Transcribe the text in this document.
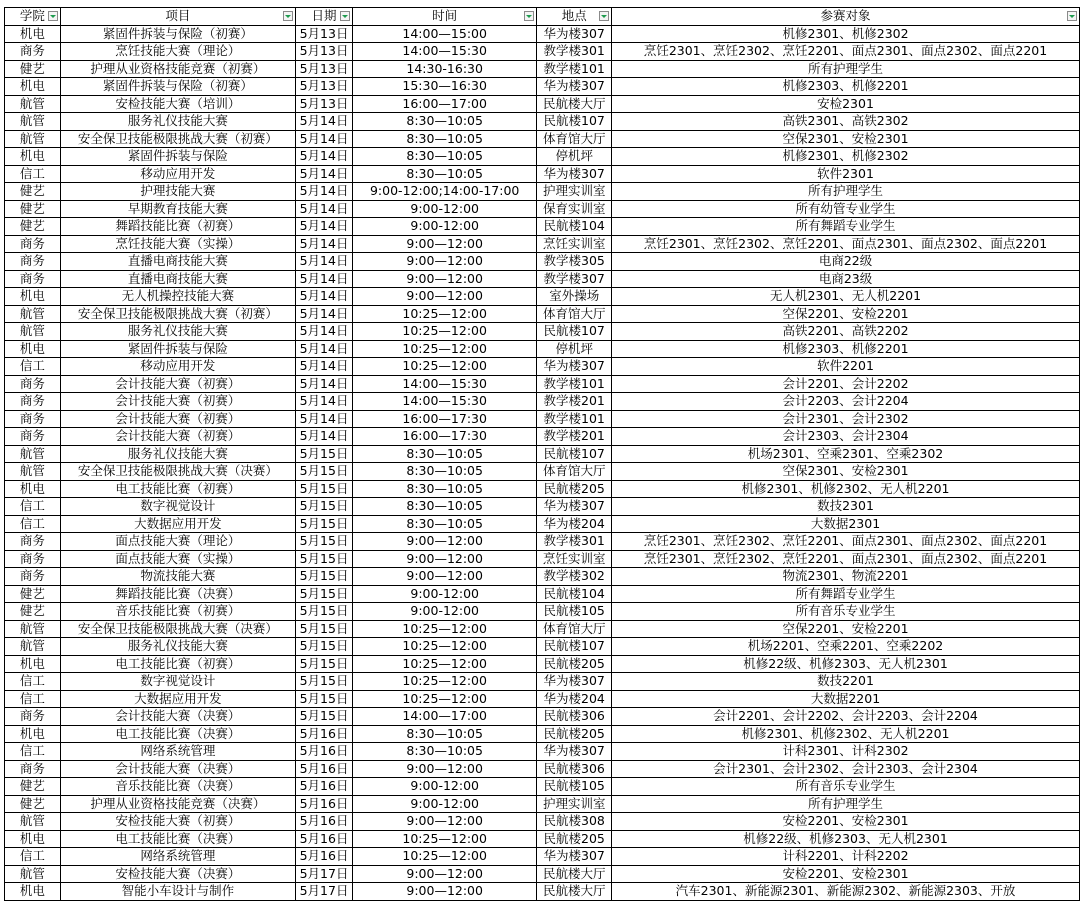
学院	项目	日期	时间	地点	参赛对象

机电	紧固件拆装与保险（初赛）	5月13日	14:00—15:00	华为楼307	机修2301、机修2302
商务	烹饪技能大赛（理论）	5月13日	14:00—15:30	教学楼301	烹饪2301、烹饪2302、烹饪2201、面点2301、面点2302、面点2201
健艺	护理从业资格技能竞赛（初赛）	5月13日	14:30-16:30	教学楼101	所有护理学生
机电	紧固件拆装与保险（初赛）	5月13日	15:30—16:30	华为楼307	机修2303、机修2201
航管	安检技能大赛（培训）	5月13日	16:00—17:00	民航楼大厅	安检2301
航管	服务礼仪技能大赛	5月14日	8:30—10:05	民航楼107	高铁2301、高铁2302
航管	安全保卫技能极限挑战大赛（初赛）	5月14日	8:30—10:05	体育馆大厅	空保2301、安检2301
机电	紧固件拆装与保险	5月14日	8:30—10:05	停机坪	机修2301、机修2302
信工	移动应用开发	5月14日	8:30—10:05	华为楼307	软件2301
健艺	护理技能大赛	5月14日	9:00-12:00;14:00-17:00	护理实训室	所有护理学生
健艺	早期教育技能大赛	5月14日	9:00-12:00	保育实训室	所有幼管专业学生
健艺	舞蹈技能比赛（初赛）	5月14日	9:00-12:00	民航楼104	所有舞蹈专业学生
商务	烹饪技能大赛（实操）	5月14日	9:00—12:00	烹饪实训室	烹饪2301、烹饪2302、烹饪2201、面点2301、面点2302、面点2201
商务	直播电商技能大赛	5月14日	9:00—12:00	教学楼305	电商22级
商务	直播电商技能大赛	5月14日	9:00—12:00	教学楼307	电商23级
机电	无人机操控技能大赛	5月14日	9:00—12:00	室外操场	无人机2301、无人机2201
航管	安全保卫技能极限挑战大赛（初赛）	5月14日	10:25—12:00	体育馆大厅	空保2201、安检2201
航管	服务礼仪技能大赛	5月14日	10:25—12:00	民航楼107	高铁2201、高铁2202
机电	紧固件拆装与保险	5月14日	10:25—12:00	停机坪	机修2303、机修2201
信工	移动应用开发	5月14日	10:25—12:00	华为楼307	软件2201
商务	会计技能大赛（初赛）	5月14日	14:00—15:30	教学楼101	会计2201、会计2202
商务	会计技能大赛（初赛）	5月14日	14:00—15:30	教学楼201	会计2203、会计2204
商务	会计技能大赛（初赛）	5月14日	16:00—17:30	教学楼101	会计2301、会计2302
商务	会计技能大赛（初赛）	5月14日	16:00—17:30	教学楼201	会计2303、会计2304
航管	服务礼仪技能大赛	5月15日	8:30—10:05	民航楼107	机场2301、空乘2301、空乘2302
航管	安全保卫技能极限挑战大赛（决赛）	5月15日	8:30—10:05	体育馆大厅	空保2301、安检2301
机电	电工技能比赛（初赛）	5月15日	8:30—10:05	民航楼205	机修2301、机修2302、无人机2201
信工	数字视觉设计	5月15日	8:30—10:05	华为楼307	数技2301
信工	大数据应用开发	5月15日	8:30—10:05	华为楼204	大数据2301
商务	面点技能大赛（理论）	5月15日	9:00—12:00	教学楼301	烹饪2301、烹饪2302、烹饪2201、面点2301、面点2302、面点2201
商务	面点技能大赛（实操）	5月15日	9:00—12:00	烹饪实训室	烹饪2301、烹饪2302、烹饪2201、面点2301、面点2302、面点2201
商务	物流技能大赛	5月15日	9:00—12:00	教学楼302	物流2301、物流2201
健艺	舞蹈技能比赛（决赛）	5月15日	9:00-12:00	民航楼104	所有舞蹈专业学生
健艺	音乐技能比赛（初赛）	5月15日	9:00-12:00	民航楼105	所有音乐专业学生
航管	安全保卫技能极限挑战大赛（决赛）	5月15日	10:25—12:00	体育馆大厅	空保2201、安检2201
航管	服务礼仪技能大赛	5月15日	10:25—12:00	民航楼107	机场2201、空乘2201、空乘2202
机电	电工技能比赛（初赛）	5月15日	10:25—12:00	民航楼205	机修22级、机修2303、无人机2301
信工	数字视觉设计	5月15日	10:25—12:00	华为楼307	数技2201
信工	大数据应用开发	5月15日	10:25—12:00	华为楼204	大数据2201
商务	会计技能大赛（决赛）	5月15日	14:00—17:00	民航楼306	会计2201、会计2202、会计2203、会计2204
机电	电工技能比赛（决赛）	5月16日	8:30—10:05	民航楼205	机修2301、机修2302、无人机2201
信工	网络系统管理	5月16日	8:30—10:05	华为楼307	计科2301、计科2302
商务	会计技能大赛（决赛）	5月16日	9:00—12:00	民航楼306	会计2301、会计2302、会计2303、会计2304
健艺	音乐技能比赛（决赛）	5月16日	9:00-12:00	民航楼105	所有音乐专业学生
健艺	护理从业资格技能竞赛（决赛）	5月16日	9:00-12:00	护理实训室	所有护理学生
航管	安检技能大赛（初赛）	5月16日	9:00—12:00	民航楼308	安检2201、安检2301
机电	电工技能比赛（决赛）	5月16日	10:25—12:00	民航楼205	机修22级、机修2303、无人机2301
信工	网络系统管理	5月16日	10:25—12:00	华为楼307	计科2201、计科2202
航管	安检技能大赛（决赛）	5月17日	9:00—12:00	民航楼大厅	安检2201、安检2301
机电	智能小车设计与制作	5月17日	9:00—12:00	民航楼大厅	汽车2301、新能源2301、新能源2302、新能源2303、开放
